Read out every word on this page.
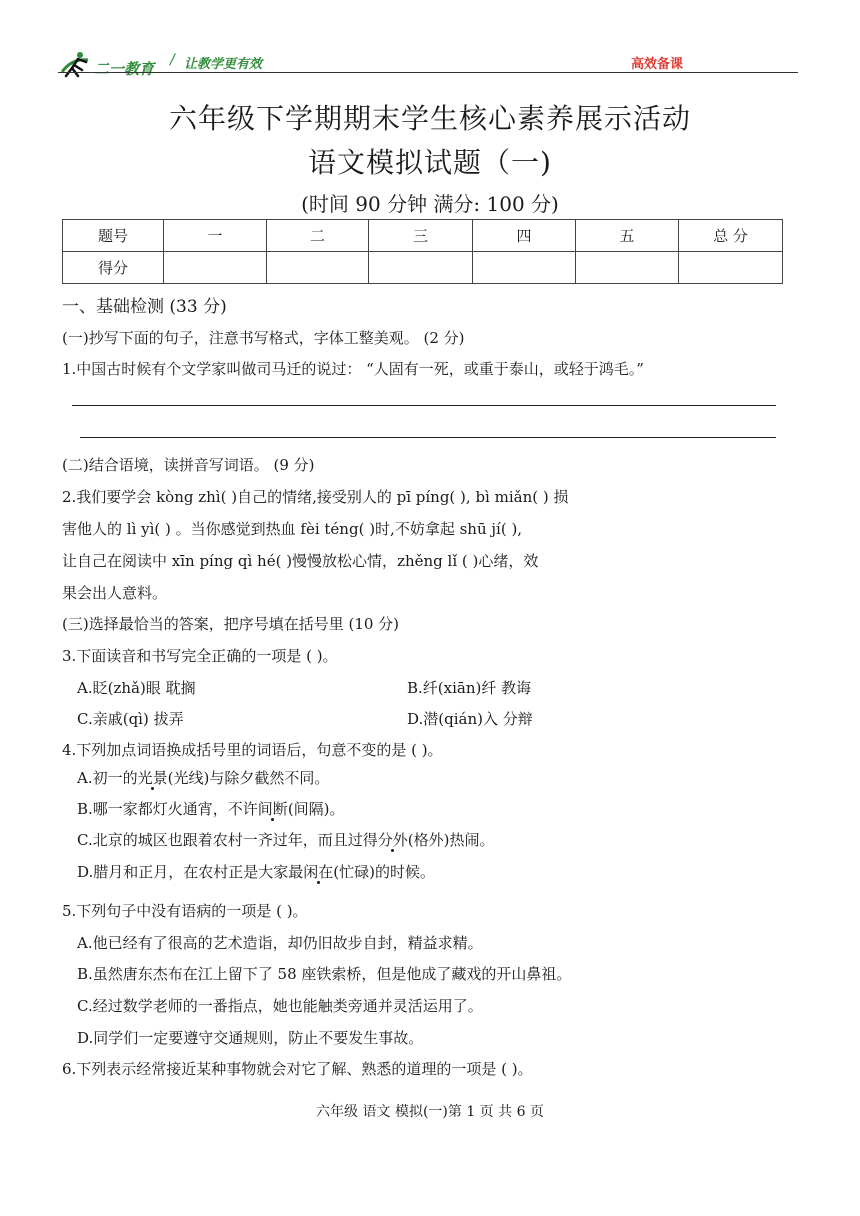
二一教育 / 让教学更有效	高效备课
六年级下学期期末学生核心素养展示活动
语文模拟试题（一)
(时间 90 分钟 满分: 100 分)
题号	一	二	三	四	五	总 分
得分						
一、基础检测 (33 分)
(一)抄写下面的句子，注意书写格式，字体工整美观。 (2 分)
1.中国古时候有个文学家叫做司马迁的说过： “人固有一死，或重于泰山，或轻于鸿毛。”
(二)结合语境，读拼音写词语。 (9 分)
2.我们要学会 kòng zhì( )自己的情绪,接受别人的 pī píng( ), bì miǎn( ) 损
害他人的 lì yì( ) 。当你感觉到热血 fèi téng( )时,不妨拿起 shū jí( ),
让自己在阅读中 xīn píng qì hé( )慢慢放松心情，zhěng lǐ ( )心绪，效
果会出人意料。
(三)选择最恰当的答案，把序号填在括号里 (10 分)
3.下面读音和书写完全正确的一项是 ( )。
A.眨(zhǎ)眼 耽搁	B.纤(xiān)纤 教诲
C.亲戚(qì) 拔弄	D.潜(qián)入 分辩
4.下列加点词语换成括号里的词语后，句意不变的是 ( )。
A.初一的光景(光线)与除夕截然不同。
B.哪一家都灯火通宵，不许间断(间隔)。
C.北京的城区也跟着农村一齐过年，而且过得分外(格外)热闹。
D.腊月和正月，在农村正是大家最闲在(忙碌)的时候。
5.下列句子中没有语病的一项是 ( )。
A.他已经有了很高的艺术造诣，却仍旧故步自封，精益求精。
B.虽然唐东杰布在江上留下了 58 座铁索桥，但是他成了藏戏的开山鼻祖。
C.经过数学老师的一番指点，她也能触类旁通并灵活运用了。
D.同学们一定要遵守交通规则，防止不要发生事故。
6.下列表示经常接近某种事物就会对它了解、熟悉的道理的一项是 ( )。
六年级 语文 模拟(一)第 1 页 共 6 页
